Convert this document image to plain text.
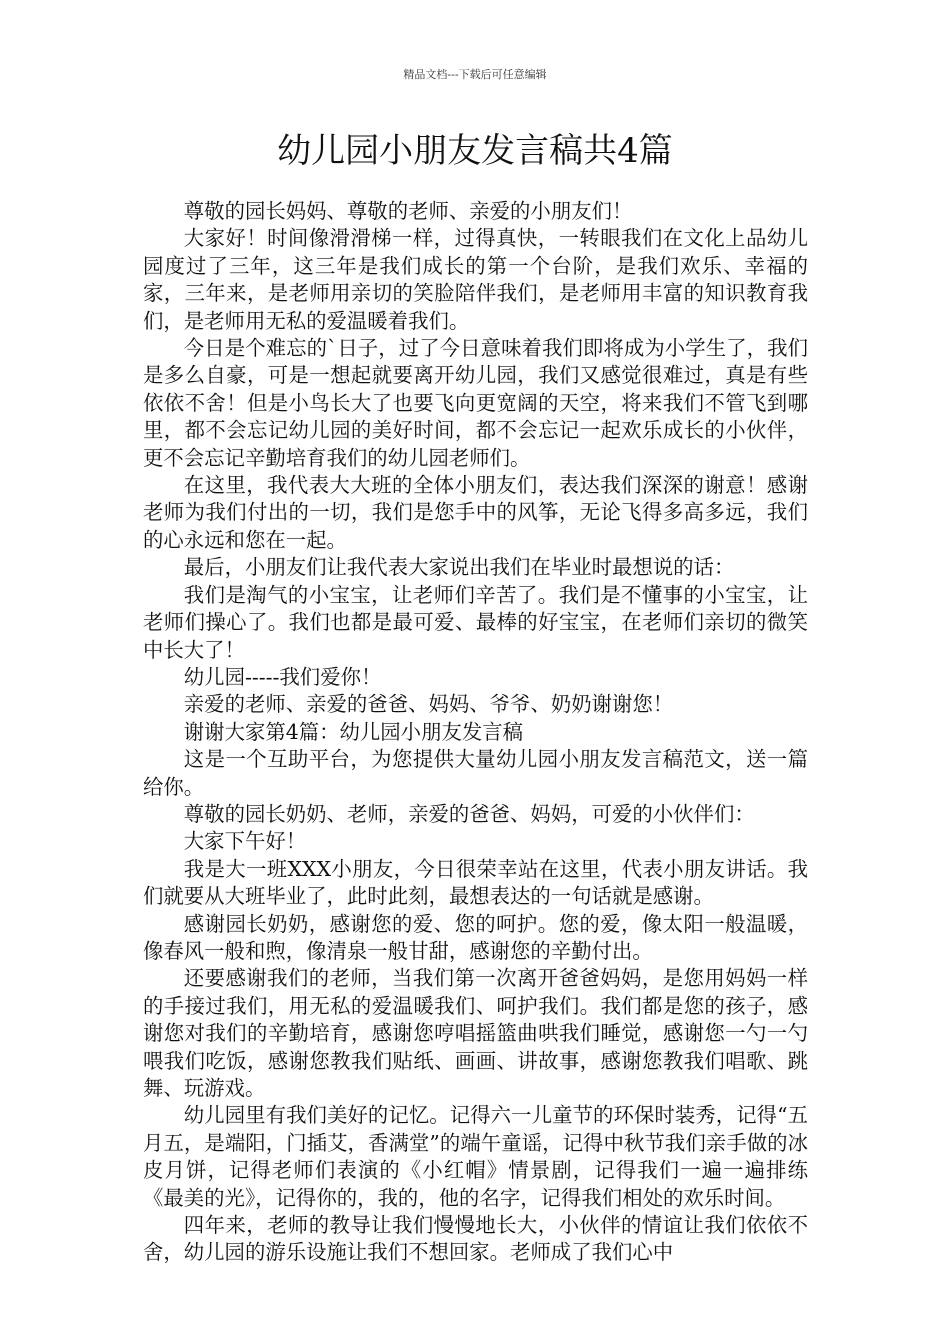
精品文档---下载后可任意编辑
幼儿园小朋友发言稿共4篇

尊敬的园长妈妈、尊敬的老师、亲爱的小朋友们！

大家好！时间像滑滑梯一样，过得真快，一转眼我们在文化上品幼儿园度过了三年，这三年是我们成长的第一个台阶，是我们欢乐、幸福的家，三年来，是老师用亲切的笑脸陪伴我们，是老师用丰富的知识教育我们，是老师用无私的爱温暖着我们。

今日是个难忘的`日子，过了今日意味着我们即将成为小学生了，我们是多么自豪，可是一想起就要离开幼儿园，我们又感觉很难过，真是有些依依不舍！但是小鸟长大了也要飞向更宽阔的天空，将来我们不管飞到哪里，都不会忘记幼儿园的美好时间，都不会忘记一起欢乐成长的小伙伴，更不会忘记辛勤培育我们的幼儿园老师们。

在这里，我代表大大班的全体小朋友们，表达我们深深的谢意！感谢老师为我们付出的一切，我们是您手中的风筝，无论飞得多高多远，我们的心永远和您在一起。

最后，小朋友们让我代表大家说出我们在毕业时最想说的话：

我们是淘气的小宝宝，让老师们辛苦了。我们是不懂事的小宝宝，让老师们操心了。我们也都是最可爱、最棒的好宝宝，在老师们亲切的微笑中长大了！

幼儿园-----我们爱你！

亲爱的老师、亲爱的爸爸、妈妈、爷爷、奶奶谢谢您！

谢谢大家第4篇：幼儿园小朋友发言稿

这是一个互助平台，为您提供大量幼儿园小朋友发言稿范文，送一篇给你。

尊敬的园长奶奶、老师，亲爱的爸爸、妈妈，可爱的小伙伴们：

大家下午好！

我是大一班XXX小朋友，今日很荣幸站在这里，代表小朋友讲话。我们就要从大班毕业了，此时此刻，最想表达的一句话就是感谢。

感谢园长奶奶，感谢您的爱、您的呵护。您的爱，像太阳一般温暖，像春风一般和煦，像清泉一般甘甜，感谢您的辛勤付出。

还要感谢我们的老师，当我们第一次离开爸爸妈妈，是您用妈妈一样的手接过我们，用无私的爱温暖我们、呵护我们。我们都是您的孩子，感谢您对我们的辛勤培育，感谢您哼唱摇篮曲哄我们睡觉，感谢您一勺一勺喂我们吃饭，感谢您教我们贴纸、画画、讲故事，感谢您教我们唱歌、跳舞、玩游戏。

幼儿园里有我们美好的记忆。记得六一儿童节的环保时装秀，记得“五月五，是端阳，门插艾，香满堂”的端午童谣，记得中秋节我们亲手做的冰皮月饼，记得老师们表演的《小红帽》情景剧，记得我们一遍一遍排练《最美的光》，记得你的，我的，他的名字，记得我们相处的欢乐时间。

四年来，老师的教导让我们慢慢地长大，小伙伴的情谊让我们依依不舍，幼儿园的游乐设施让我们不想回家。老师成了我们心中
